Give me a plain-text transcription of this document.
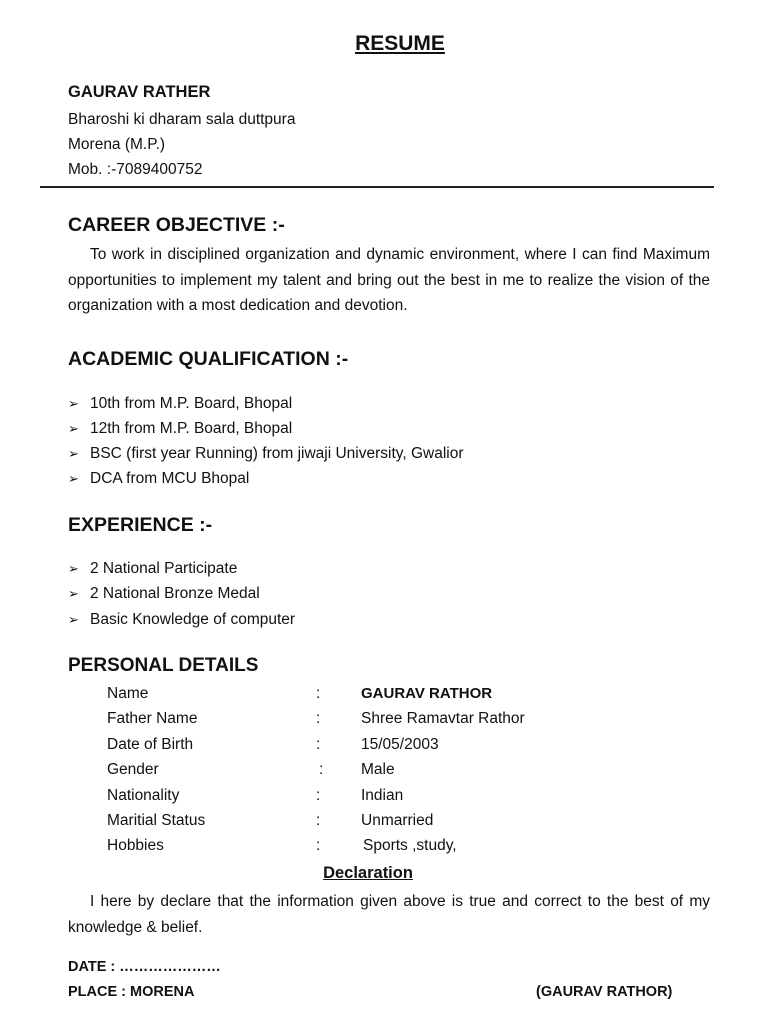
RESUME
GAURAV RATHER
Bharoshi ki dharam sala duttpura
Morena (M.P.)
Mob. :-7089400752
CAREER OBJECTIVE :-
To work in disciplined organization and dynamic environment, where I can find Maximum opportunities to implement my talent and bring out the best in me to realize the vision of the organization with a most dedication and devotion.
ACADEMIC QUALIFICATION :-
➢ 10th from M.P. Board, Bhopal
➢ 12th from M.P. Board, Bhopal
➢ BSC (first year Running) from jiwaji University, Gwalior
➢ DCA from MCU Bhopal
EXPERIENCE :-
➢ 2 National Participate
➢ 2 National Bronze Medal
➢ Basic Knowledge of computer
PERSONAL DETAILS
Name	:	GAURAV RATHOR
Father Name	:	Shree Ramavtar Rathor
Date of Birth	:	15/05/2003
Gender	: Male
Nationality	:	Indian
Maritial Status	:	Unmarried
Hobbies	:	Sports ,study,
Declaration
I here by declare that the information given above is true and correct to the best of my knowledge & belief.
DATE : …………………
PLACE : MORENA	(GAURAV RATHOR)
